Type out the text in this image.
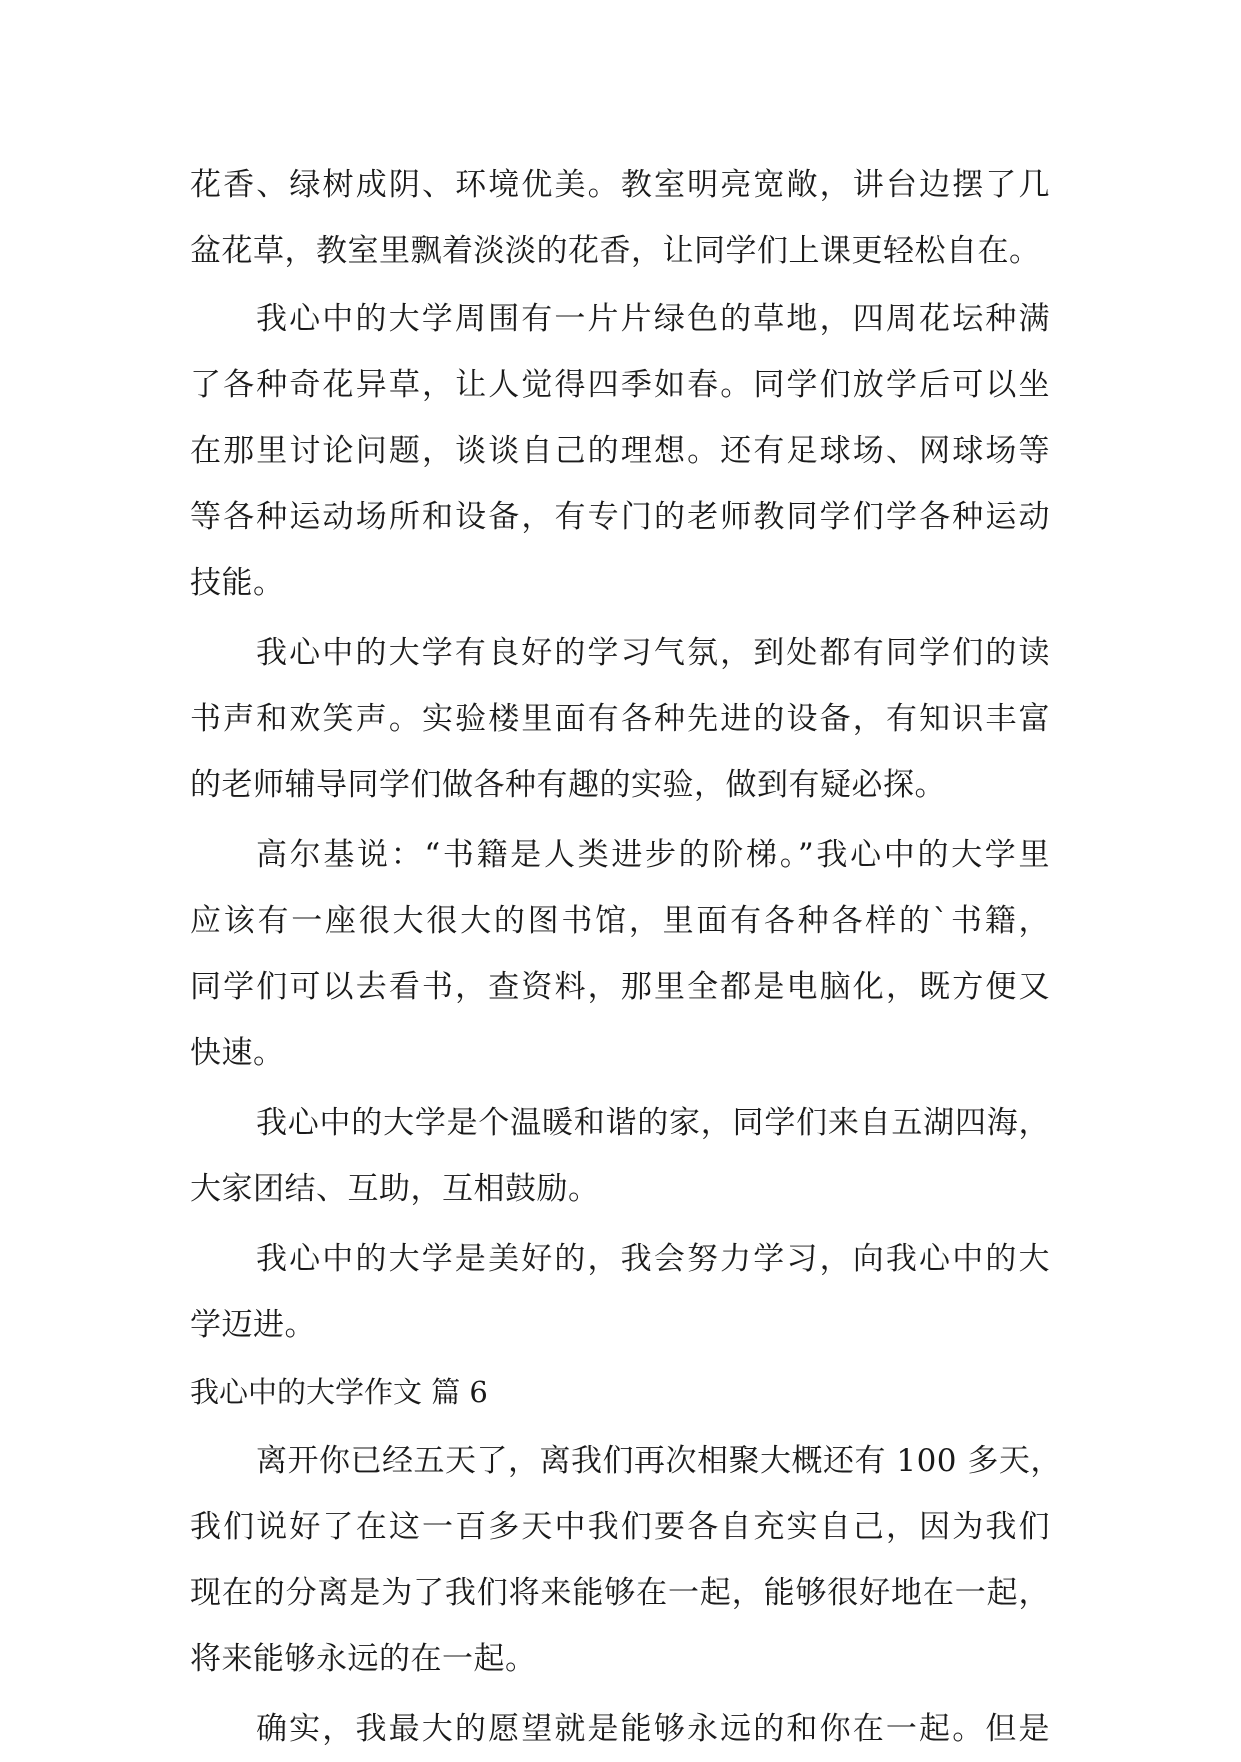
花香、绿树成阴、环境优美。教室明亮宽敞，讲台边摆了几
盆花草，教室里飘着淡淡的花香，让同学们上课更轻松自在。
我心中的大学周围有一片片绿色的草地，四周花坛种满
了各种奇花异草，让人觉得四季如春。同学们放学后可以坐
在那里讨论问题，谈谈自己的理想。还有足球场、网球场等
等各种运动场所和设备，有专门的老师教同学们学各种运动
技能。
我心中的大学有良好的学习气氛，到处都有同学们的读
书声和欢笑声。实验楼里面有各种先进的设备，有知识丰富
的老师辅导同学们做各种有趣的实验，做到有疑必探。
高尔基说：“书籍是人类进步的阶梯。”我心中的大学里
应该有一座很大很大的图书馆，里面有各种各样的`书籍，
同学们可以去看书，查资料，那里全都是电脑化，既方便又
快速。
我心中的大学是个温暖和谐的家，同学们来自五湖四海，
大家团结、互助，互相鼓励。
我心中的大学是美好的，我会努力学习，向我心中的大
学迈进。
我心中的大学作文 篇 6
离开你已经五天了，离我们再次相聚大概还有 100 多天，
我们说好了在这一百多天中我们要各自充实自己，因为我们
现在的分离是为了我们将来能够在一起，能够很好地在一起，
将来能够永远的在一起。
确实，我最大的愿望就是能够永远的和你在一起。但是
